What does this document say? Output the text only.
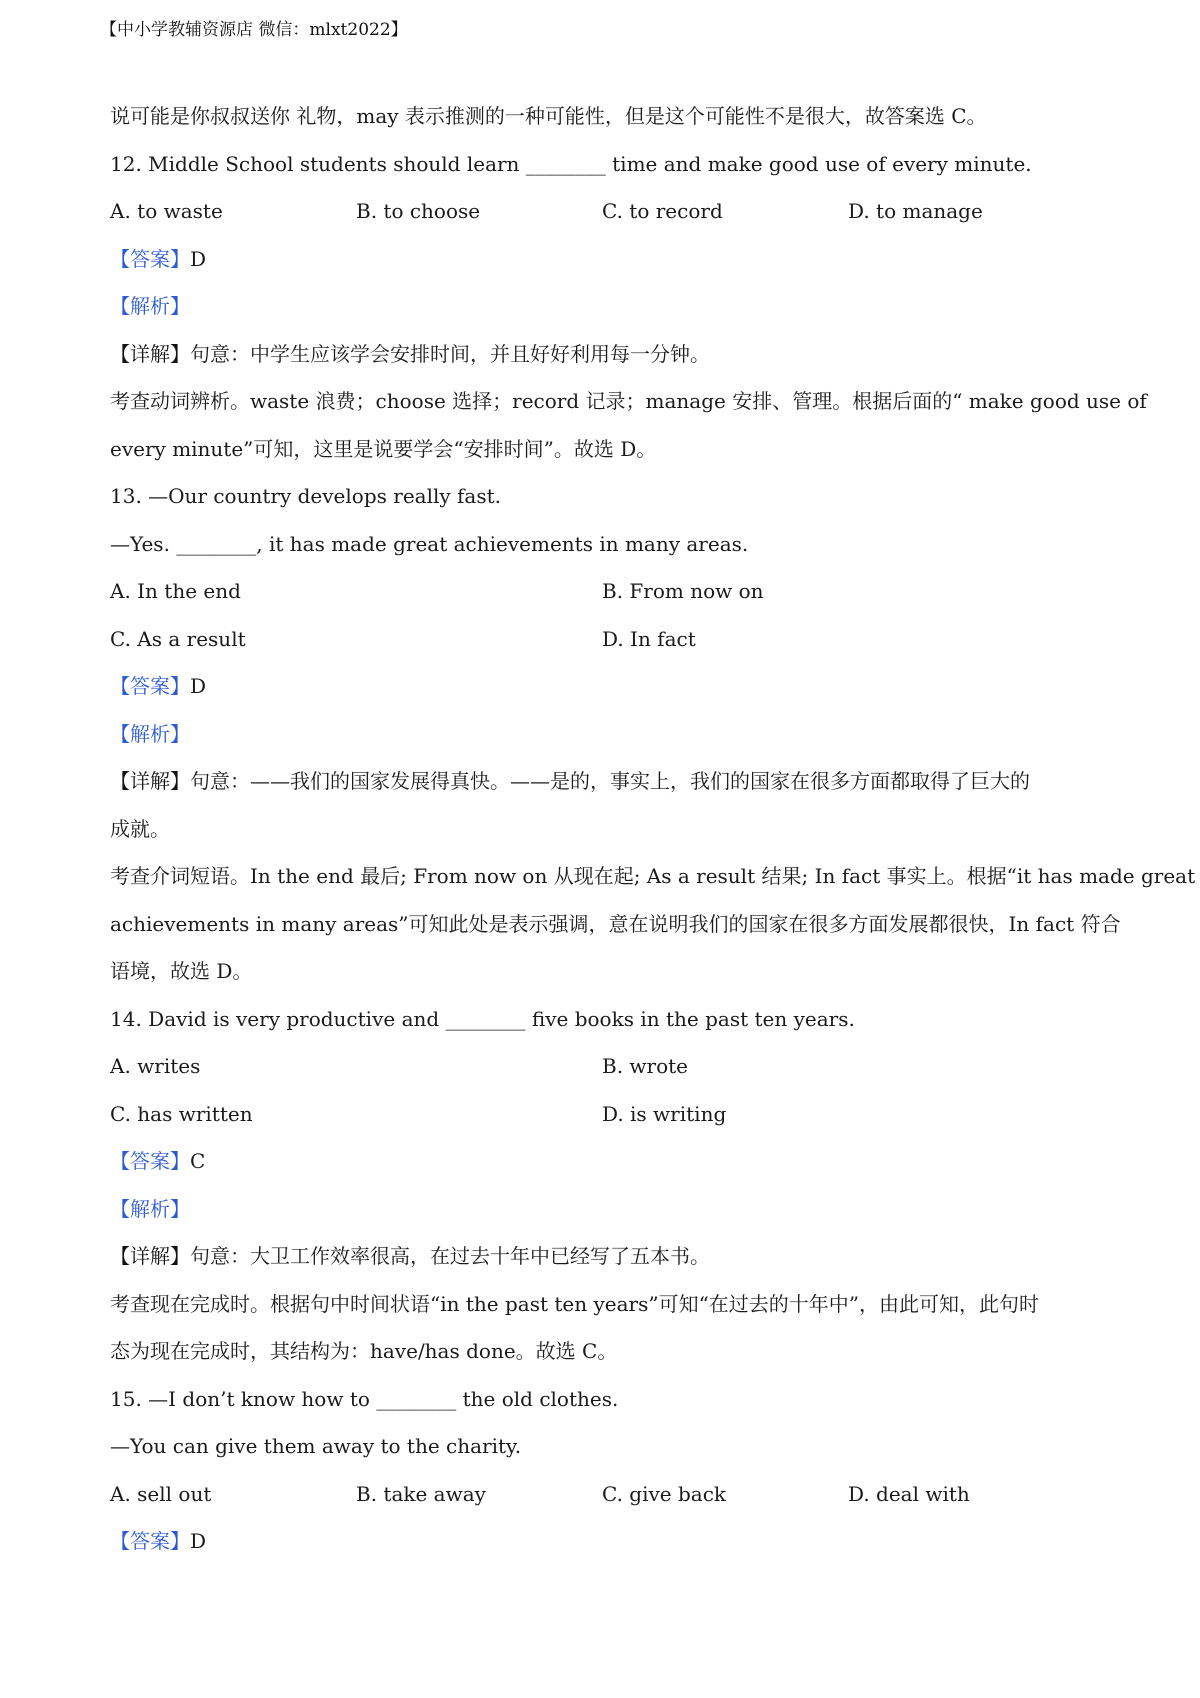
【中小学教辅资源店 微信：mlxt2022】
说可能是你叔叔送你 礼物，may 表示推测的一种可能性，但是这个可能性不是很大，故答案选 C。
12. Middle School students should learn ________ time and make good use of every minute.
A. to waste	B. to choose	C. to record	D. to manage
【答案】D
【解析】
【详解】句意：中学生应该学会安排时间，并且好好利用每一分钟。
考查动词辨析。waste 浪费；choose 选择；record 记录；manage 安排、管理。根据后面的“ make good use of
every minute”可知，这里是说要学会“安排时间”。故选 D。
13. —Our country develops really fast.
—Yes. ________, it has made great achievements in many areas.
A. In the end	B. From now on
C. As a result	D. In fact
【答案】D
【解析】
【详解】句意：——我们的国家发展得真快。——是的，事实上，我们的国家在很多方面都取得了巨大的
成就。
考查介词短语。In the end 最后; From now on 从现在起; As a result 结果; In fact 事实上。根据“it has made great
achievements in many areas”可知此处是表示强调，意在说明我们的国家在很多方面发展都很快，In fact 符合
语境，故选 D。
14. David is very productive and ________ five books in the past ten years.
A. writes	B. wrote
C. has written	D. is writing
【答案】C
【解析】
【详解】句意：大卫工作效率很高，在过去十年中已经写了五本书。
考查现在完成时。根据句中时间状语“in the past ten years”可知“在过去的十年中”，由此可知，此句时
态为现在完成时，其结构为：have/has done。故选 C。
15. —I don’t know how to ________ the old clothes.
—You can give them away to the charity.
A. sell out	B. take away	C. give back	D. deal with
【答案】D
